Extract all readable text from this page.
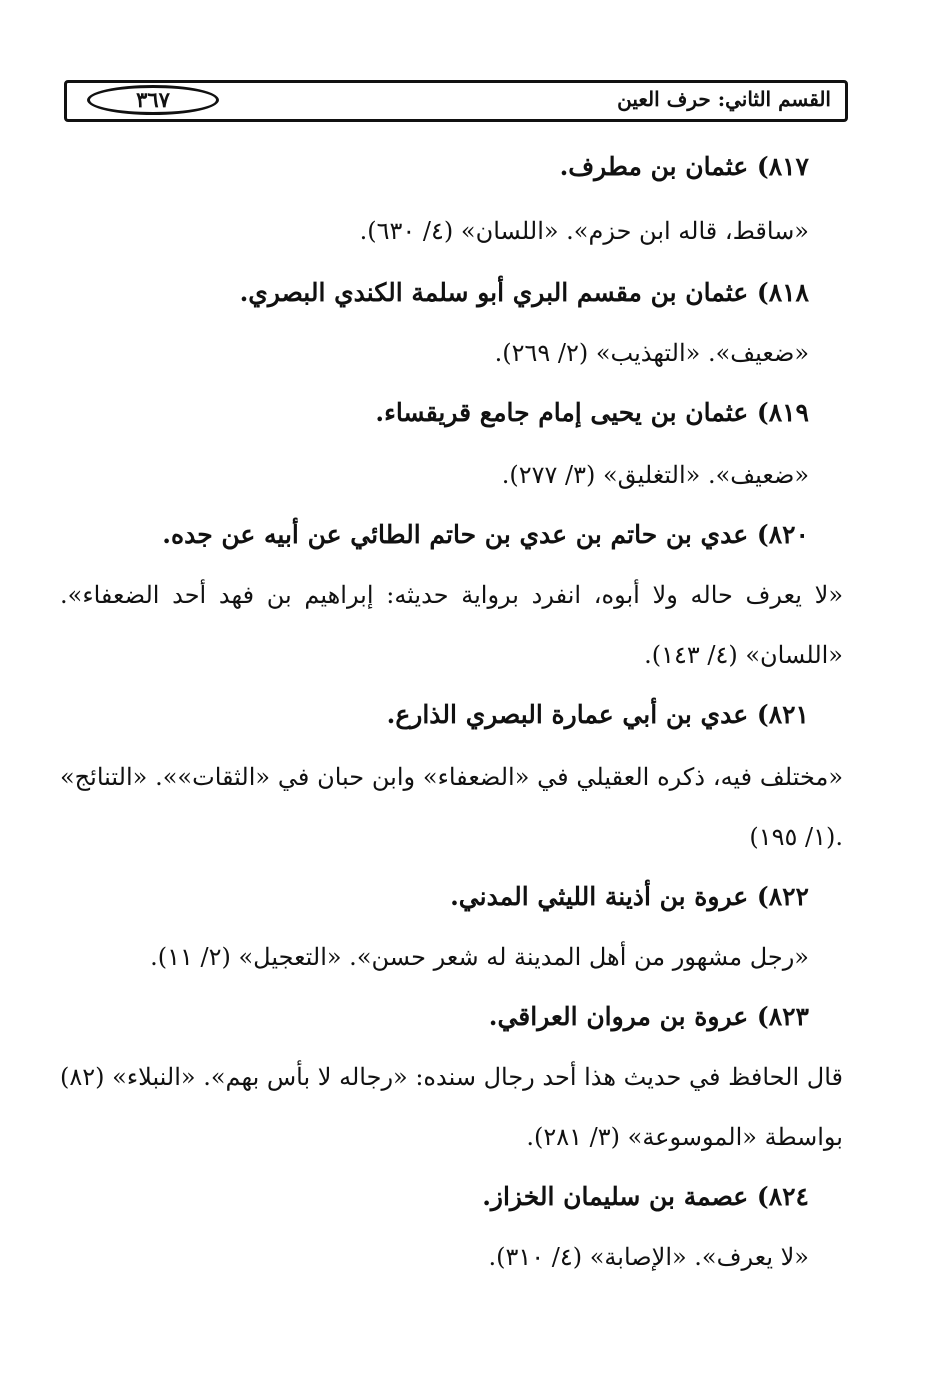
القسم الثاني: حرف العين
٣٦٧
٨١٧) عثمان بن مطرف.
«ساقط، قاله ابن حزم». «اللسان» (٤/ ٦٣٠).
٨١٨) عثمان بن مقسم البري أبو سلمة الكندي البصري.
«ضعيف». «التهذيب» (٢/ ٢٦٩).
٨١٩) عثمان بن يحيى إمام جامع قريقساء.
«ضعيف». «التغليق» (٣/ ٢٧٧).
٨٢٠) عدي بن حاتم بن عدي بن حاتم الطائي عن أبيه عن جده.
«لا يعرف حاله ولا أبوه، انفرد برواية حديثه: إبراهيم بن فهد أحد الضعفاء».
«اللسان» (٤/ ١٤٣).
٨٢١) عدي بن أبي عمارة البصري الذارع.
«مختلف فيه، ذكره العقيلي في «الضعفاء» وابن حبان في «الثقات»». «التنائج»
(١/ ١٩٥).
٨٢٢) عروة بن أذينة الليثي المدني.
«رجل مشهور من أهل المدينة له شعر حسن». «التعجيل» (٢/ ١١).
٨٢٣) عروة بن مروان العراقي.
قال الحافظ في حديث هذا أحد رجال سنده: «رجاله لا بأس بهم». «النبلاء» (٨٢)
بواسطة «الموسوعة» (٣/ ٢٨١).
٨٢٤) عصمة بن سليمان الخزاز.
«لا يعرف». «الإصابة» (٤/ ٣١٠).
